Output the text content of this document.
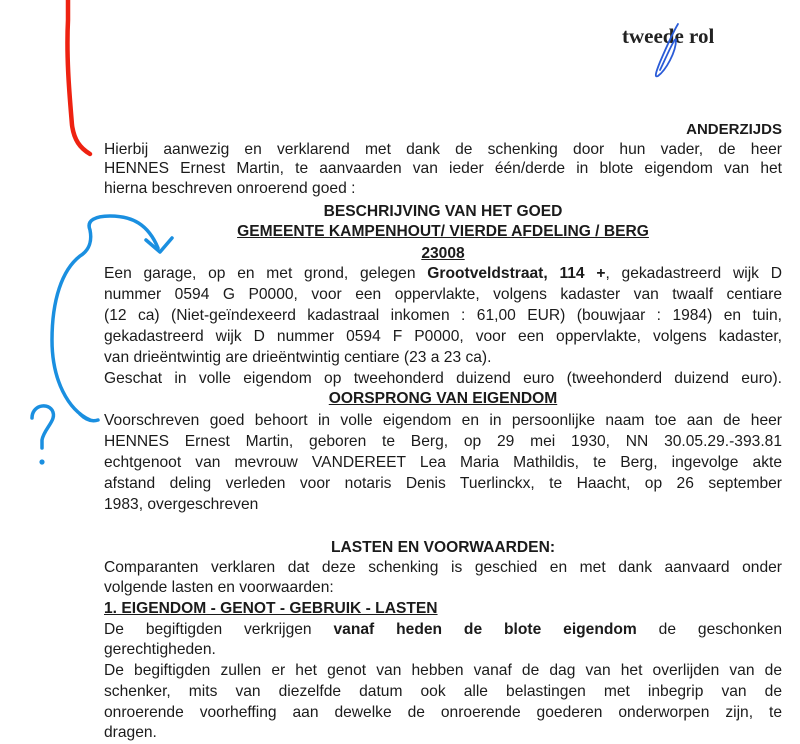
tweede rol
ANDERZIJDS
Hierbij aanwezig en verklarend met dank de schenking door hun vader, de heer
HENNES Ernest Martin, te aanvaarden van ieder één/derde in blote eigendom van het
hierna beschreven onroerend goed :
BESCHRIJVING VAN HET GOED
GEMEENTE KAMPENHOUT/ VIERDE AFDELING / BERG
23008
Een garage, op en met grond, gelegen Grootveldstraat, 114 +, gekadastreerd wijk D
nummer 0594 G P0000, voor een oppervlakte, volgens kadaster van twaalf centiare
(12 ca) (Niet-geïndexeerd kadastraal inkomen : 61,00 EUR) (bouwjaar : 1984) en tuin,
gekadastreerd wijk D nummer 0594 F P0000, voor een oppervlakte, volgens kadaster,
van drieëntwintig are drieëntwintig centiare (23 a 23 ca).
Geschat in volle eigendom op tweehonderd duizend euro (tweehonderd duizend euro).
OORSPRONG VAN EIGENDOM
Voorschreven goed behoort in volle eigendom en in persoonlijke naam toe aan de heer
HENNES Ernest Martin, geboren te Berg, op 29 mei 1930, NN 30.05.29.-393.81
echtgenoot van mevrouw VANDEREET Lea Maria Mathildis, te Berg, ingevolge akte
afstand deling verleden voor notaris Denis Tuerlinckx, te Haacht, op 26 september
1983, overgeschreven
LASTEN EN VOORWAARDEN:
Comparanten verklaren dat deze schenking is geschied en met dank aanvaard onder
volgende lasten en voorwaarden:
1. EIGENDOM - GENOT - GEBRUIK - LASTEN
De begiftigden verkrijgen vanaf heden de blote eigendom de geschonken
gerechtigheden.
De begiftigden zullen er het genot van hebben vanaf de dag van het overlijden van de
schenker, mits van diezelfde datum ook alle belastingen met inbegrip van de
onroerende voorheffing aan dewelke de onroerende goederen onderworpen zijn, te
dragen.
